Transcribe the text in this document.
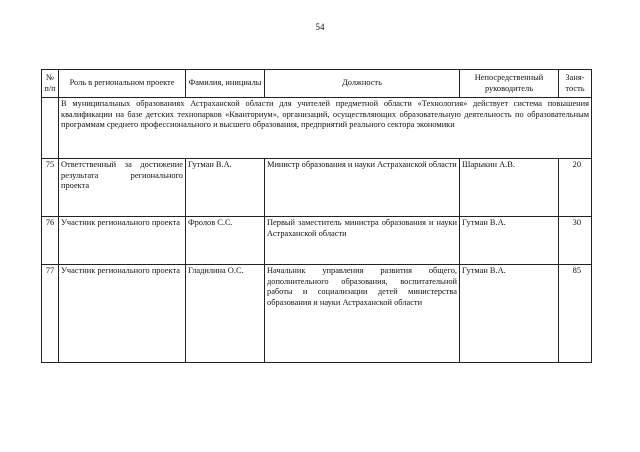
54
№ п/п	Роль в региональном проекте	Фамилия, инициалы	Должность	Непосредственный руководитель	Заня-тость
	В муниципальных образованиях Астраханской области для учителей предметной области «Технология» действует система повышения квалификации на базе детских технопарков «Кванториум», организаций, осуществляющих образовательную деятельность по образовательным программам среднего профессионального и высшего образования, предприятий реального сектора экономики				
75	Ответственный за достижение результата регионального проекта	Гутман В.А.	Министр образования и науки Астраханской области	Шарыкин А.В.	20
76	Участник регионального проекта	Фролов С.С.	Первый заместитель министра образования и науки Астраханской области	Гутман В.А.	30
77	Участник регионального проекта	Гладилина О.С.	Начальник управления развития общего, дополнительного образования, воспитательной работы и социализации детей министерства образования и науки Астраханской области	Гутман В.А.	85
